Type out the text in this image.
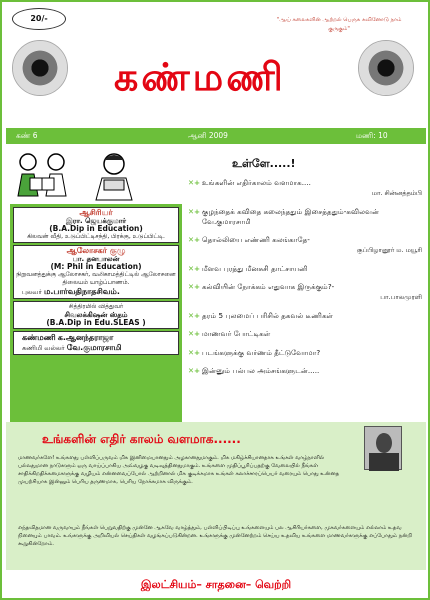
20/-	"ஆய் கலைகளின் ஆற்றல் பெருக கவினோடு நாம் குருகும்"
கண்மணி
கண் 6	ஆனி 2009	மணி: 10
ஆசிரியர்
இரா. ஜெயக்குமார்
(B.A.Dip in Education)
கிலவன் வீதி, உடுப்பிட்டிசந்தி, பிரக்கு, உடுப்பிட்டி.
ஆலோசகர் குழு
பா. தனபாலன்
(M: Phil in Education)
நிறுவனத்துக்கு ஆலோசகர், வலிகாமத்திட்டில் ஆலோசனை திலையம் யாழ்ப்பாணம்.
புலவர் ம.பார்வதிநாதசிவம்.
சித்திரமில் வித்துவர்
சிவலக்கிஷன் ஸ்தம்
(B.A.Dip in Edu.SLEAS )
கண்மணி க.ஆனந்தராஜா
கணிமி வல்லர் வே.குமாரசாமி
உள்ளே.....!
✕+ உங்களின் எதிர்காலம் வளமாக....
மா. சின்னத்தம்பி
✕+ குழந்தைக் கவிதை கலைந்ததும் இசைத்ததும்-கவிலவன் வே.குமாரசாமி
✕+ தொல்லியை எண்ணி கலங்காதே-
குப்பிழானூர் ம. மயூரி
✕+ மீளவ புரத்து மீனசுசி தாட்சாயனி
✕+ கல்வியின் நோக்கம் எதுவாக இருக்கும்?-
பா.பாலமுரளி
✕+ தரம் 5 புலமைப் பரிசில் தகவல் டீணிகள்
✕+ மாணவர் போட்டிகள்
✕+ படங்களுக்கு வர்ணம் தீட்டுவோமா?
✕+ இன்னும் பல்பல அம்சங்களுடன்.....
உங்களின் எதிர் காலம் வளமாக......
மாணவர்களே! உங்களது பள்ளிப்பருவம் மிக இனிமையானதும் அழகானதுமாகும். மிக மகிழ்ச்சியானதாக உங்கள் வாழ்நாளில் பல்லதுமான நாடுகளும் ஒரு வாய்ப்பாகிய அவ்வழகு வடிவுத்தினதுமாகும். உங்களை முதிப்பூரிப்பதற்கு வேலையில் நீங்கள் சாதிக்கிறதிக்கமைகளுக்கு வழியம் என்னவைப்போல் ஆற்றினால் மிக குடிக்கமாக உங்கள் கலாச்சாரப்பெயர் வரையும் பொது உன்னத முயற்சியாக இன்னும் பெரிய தருணமாக, பெரிய நோக்கமாக விருக்கும்.
எந்தவிதமான வருவாயும் நீங்கள் பெறுவதிற்கு முன்னே ஆகவே வாழ்த்தும், பள்ளிப்பிடிப்பு உங்களையும் பல ஆசிரியர்களை, முகவர்களையும் எல்லாம் உதவ நினையும் பாவம். உங்களுக்கு அறிவியல் செய்திகள் வழங்கப்படுகின்றன. உங்களுக்கு முன்னேற்றம் செய்ய உதவிய உங்களை மாணவர்களுக்கு எப்போதும் நன்றி கூறுகின்றோம்.
இலட்சியம்– சாதனை– வெற்றி
